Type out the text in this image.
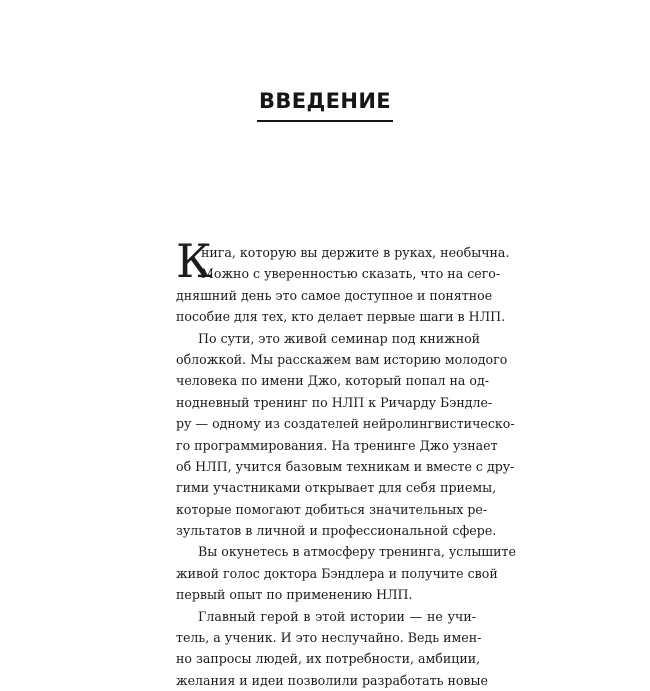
ВВЕДЕНИЕ
К
нига, которую вы держите в руках, необычна.
Можно с уверенностью сказать, что на сего-
дняшний день это самое доступное и понятное
пособие для тех, кто делает первые шаги в НЛП.
По сути, это живой семинар под книжной
обложкой. Мы расскажем вам историю молодого
человека по имени Джо, который попал на од-
нодневный тренинг по НЛП к Ричарду Бэндле-
ру — одному из создателей нейролингвистическо-
го программирования. На тренинге Джо узнает
об НЛП, учится базовым техникам и вместе с дру-
гими участниками открывает для себя приемы,
которые помогают добиться значительных ре-
зультатов в личной и профессиональной сфере.
Вы окунетесь в атмосферу тренинга, услышите
живой голос доктора Бэндлера и получите свой
первый опыт по применению НЛП.
Главный герой в этой истории — не учи-
тель, а ученик. И это неслучайно. Ведь имен-
но запросы людей, их потребности, амбиции,
желания и идеи позволили разработать новые
